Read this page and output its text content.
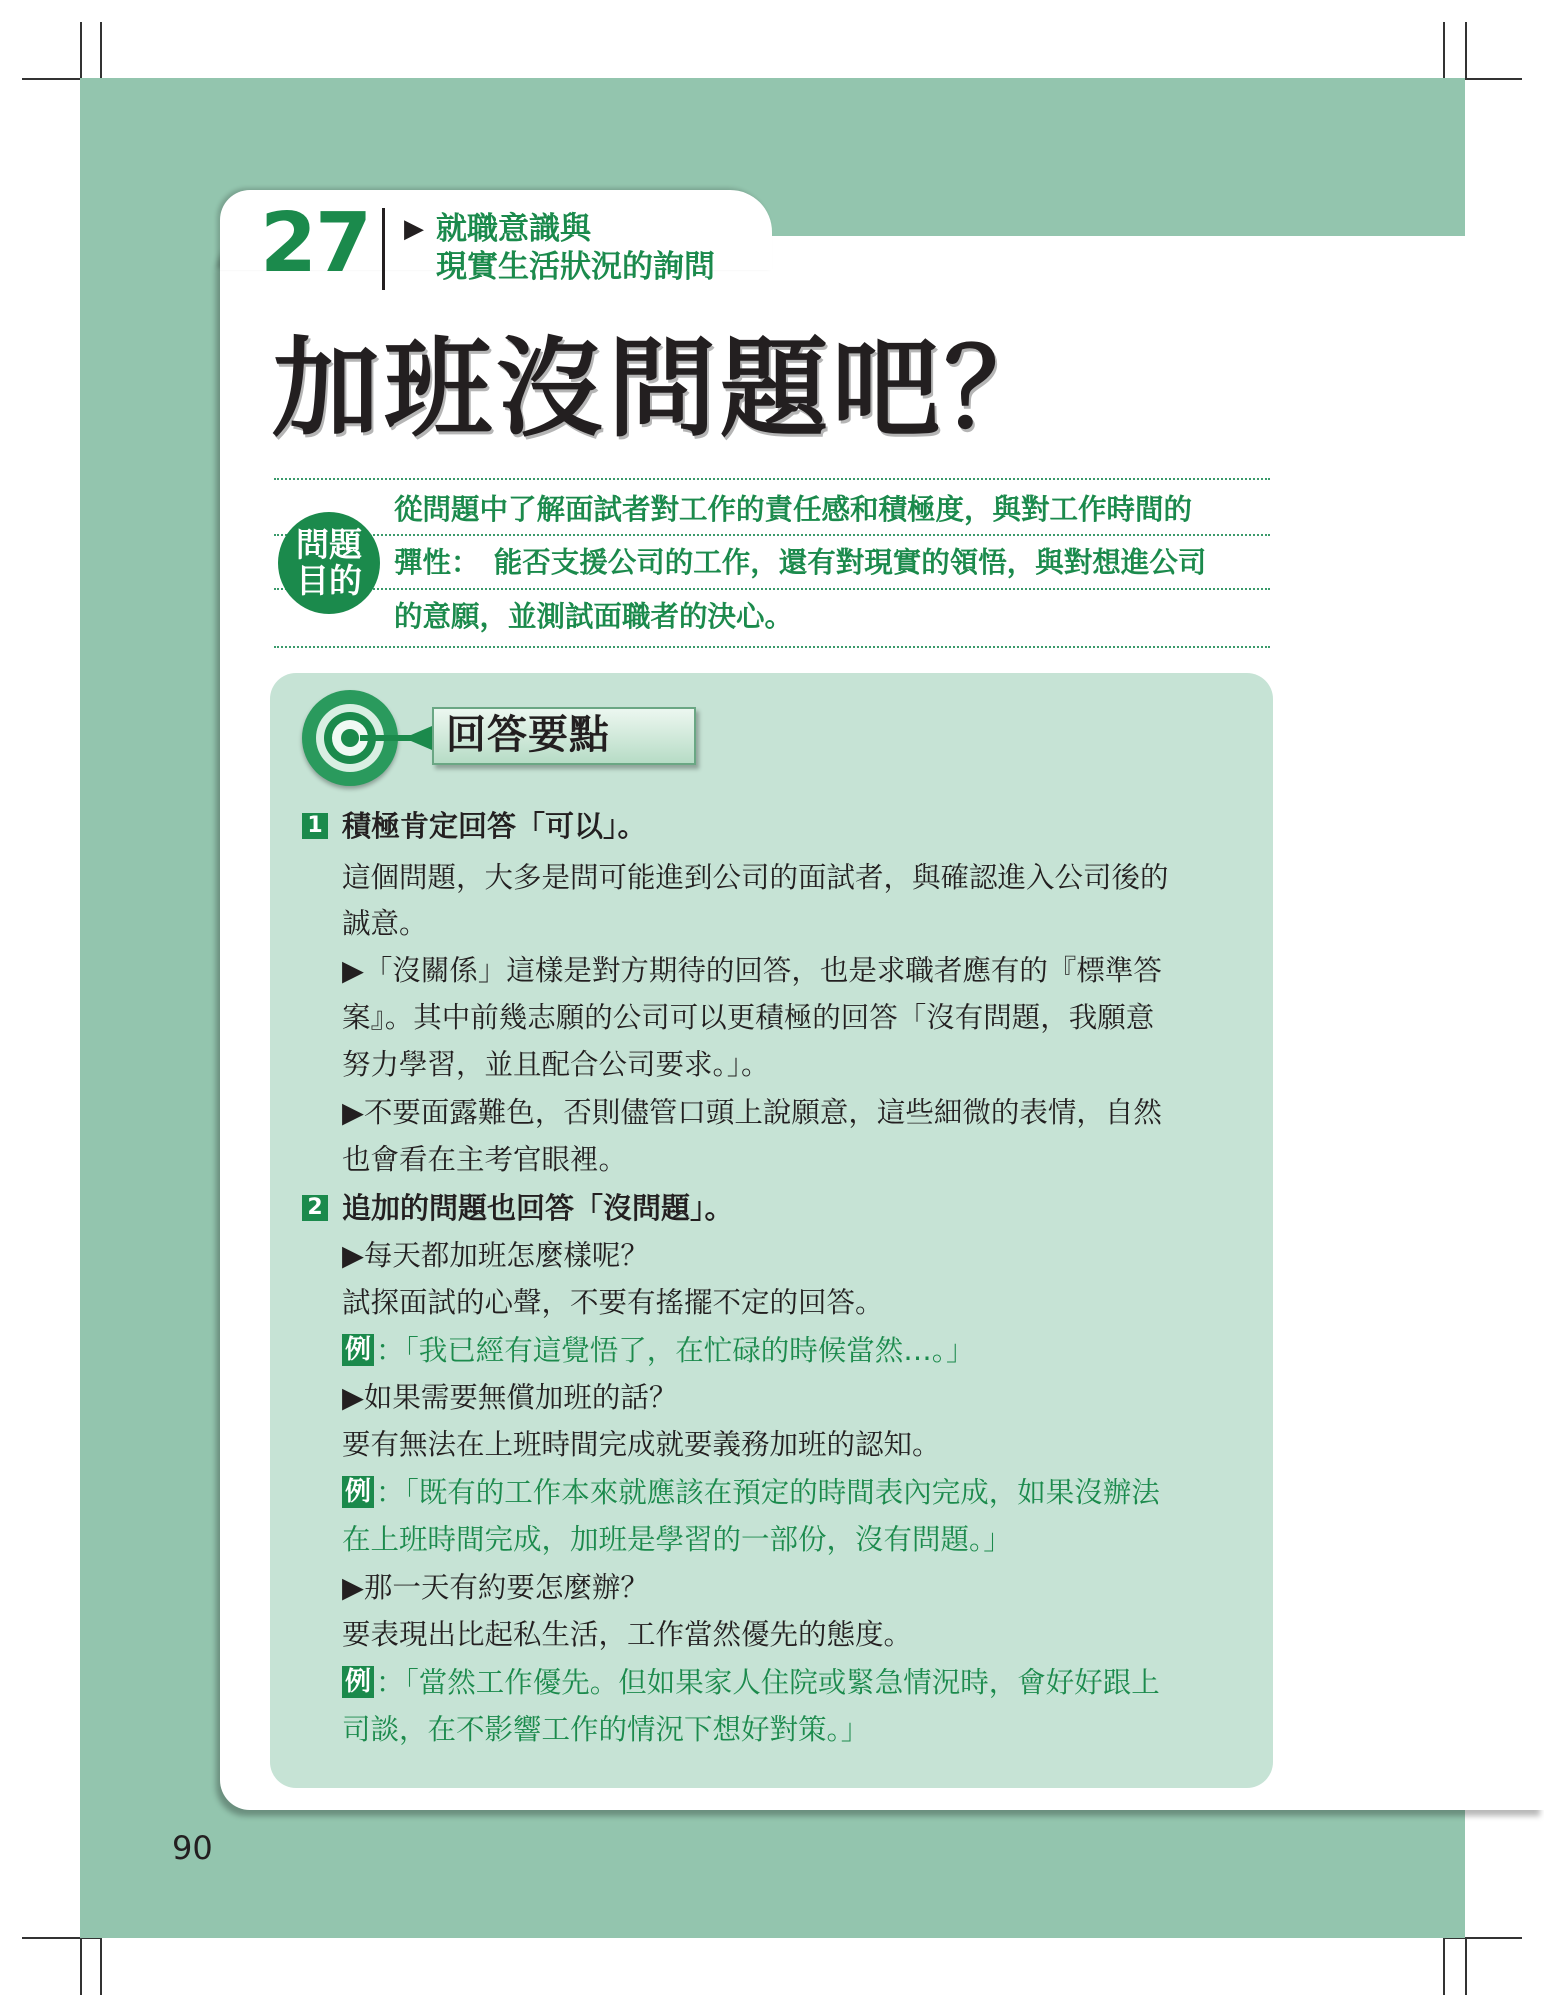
27 ▶ 就職意識與
現實生活狀況的詢問
加班沒問題吧？
問題
目的
從問題中了解面試者對工作的責任感和積極度，與對工作時間的
彈性：　能否支援公司的工作，還有對現實的領悟，與對想進公司
的意願，並測試面職者的決心。
回答要點
1 積極肯定回答「可以」。
這個問題，大多是問可能進到公司的面試者，與確認進入公司後的
誠意。
▶「沒關係」這樣是對方期待的回答，也是求職者應有的『標準答
案』。其中前幾志願的公司可以更積極的回答「沒有問題，我願意
努力學習，並且配合公司要求。」。
▶不要面露難色，否則儘管口頭上說願意，這些細微的表情，自然
也會看在主考官眼裡。
2 追加的問題也回答「沒問題」。
▶每天都加班怎麼樣呢？
試探面試的心聲，不要有搖擺不定的回答。
例 ：「我已經有這覺悟了，在忙碌的時候當然…。」
▶如果需要無償加班的話？
要有無法在上班時間完成就要義務加班的認知。
例 ：「既有的工作本來就應該在預定的時間表內完成，如果沒辦法
在上班時間完成，加班是學習的一部份，沒有問題。」
▶那一天有約要怎麼辦？
要表現出比起私生活，工作當然優先的態度。
例 ：「當然工作優先。但如果家人住院或緊急情況時，會好好跟上
司談，在不影響工作的情況下想好對策。」
90
